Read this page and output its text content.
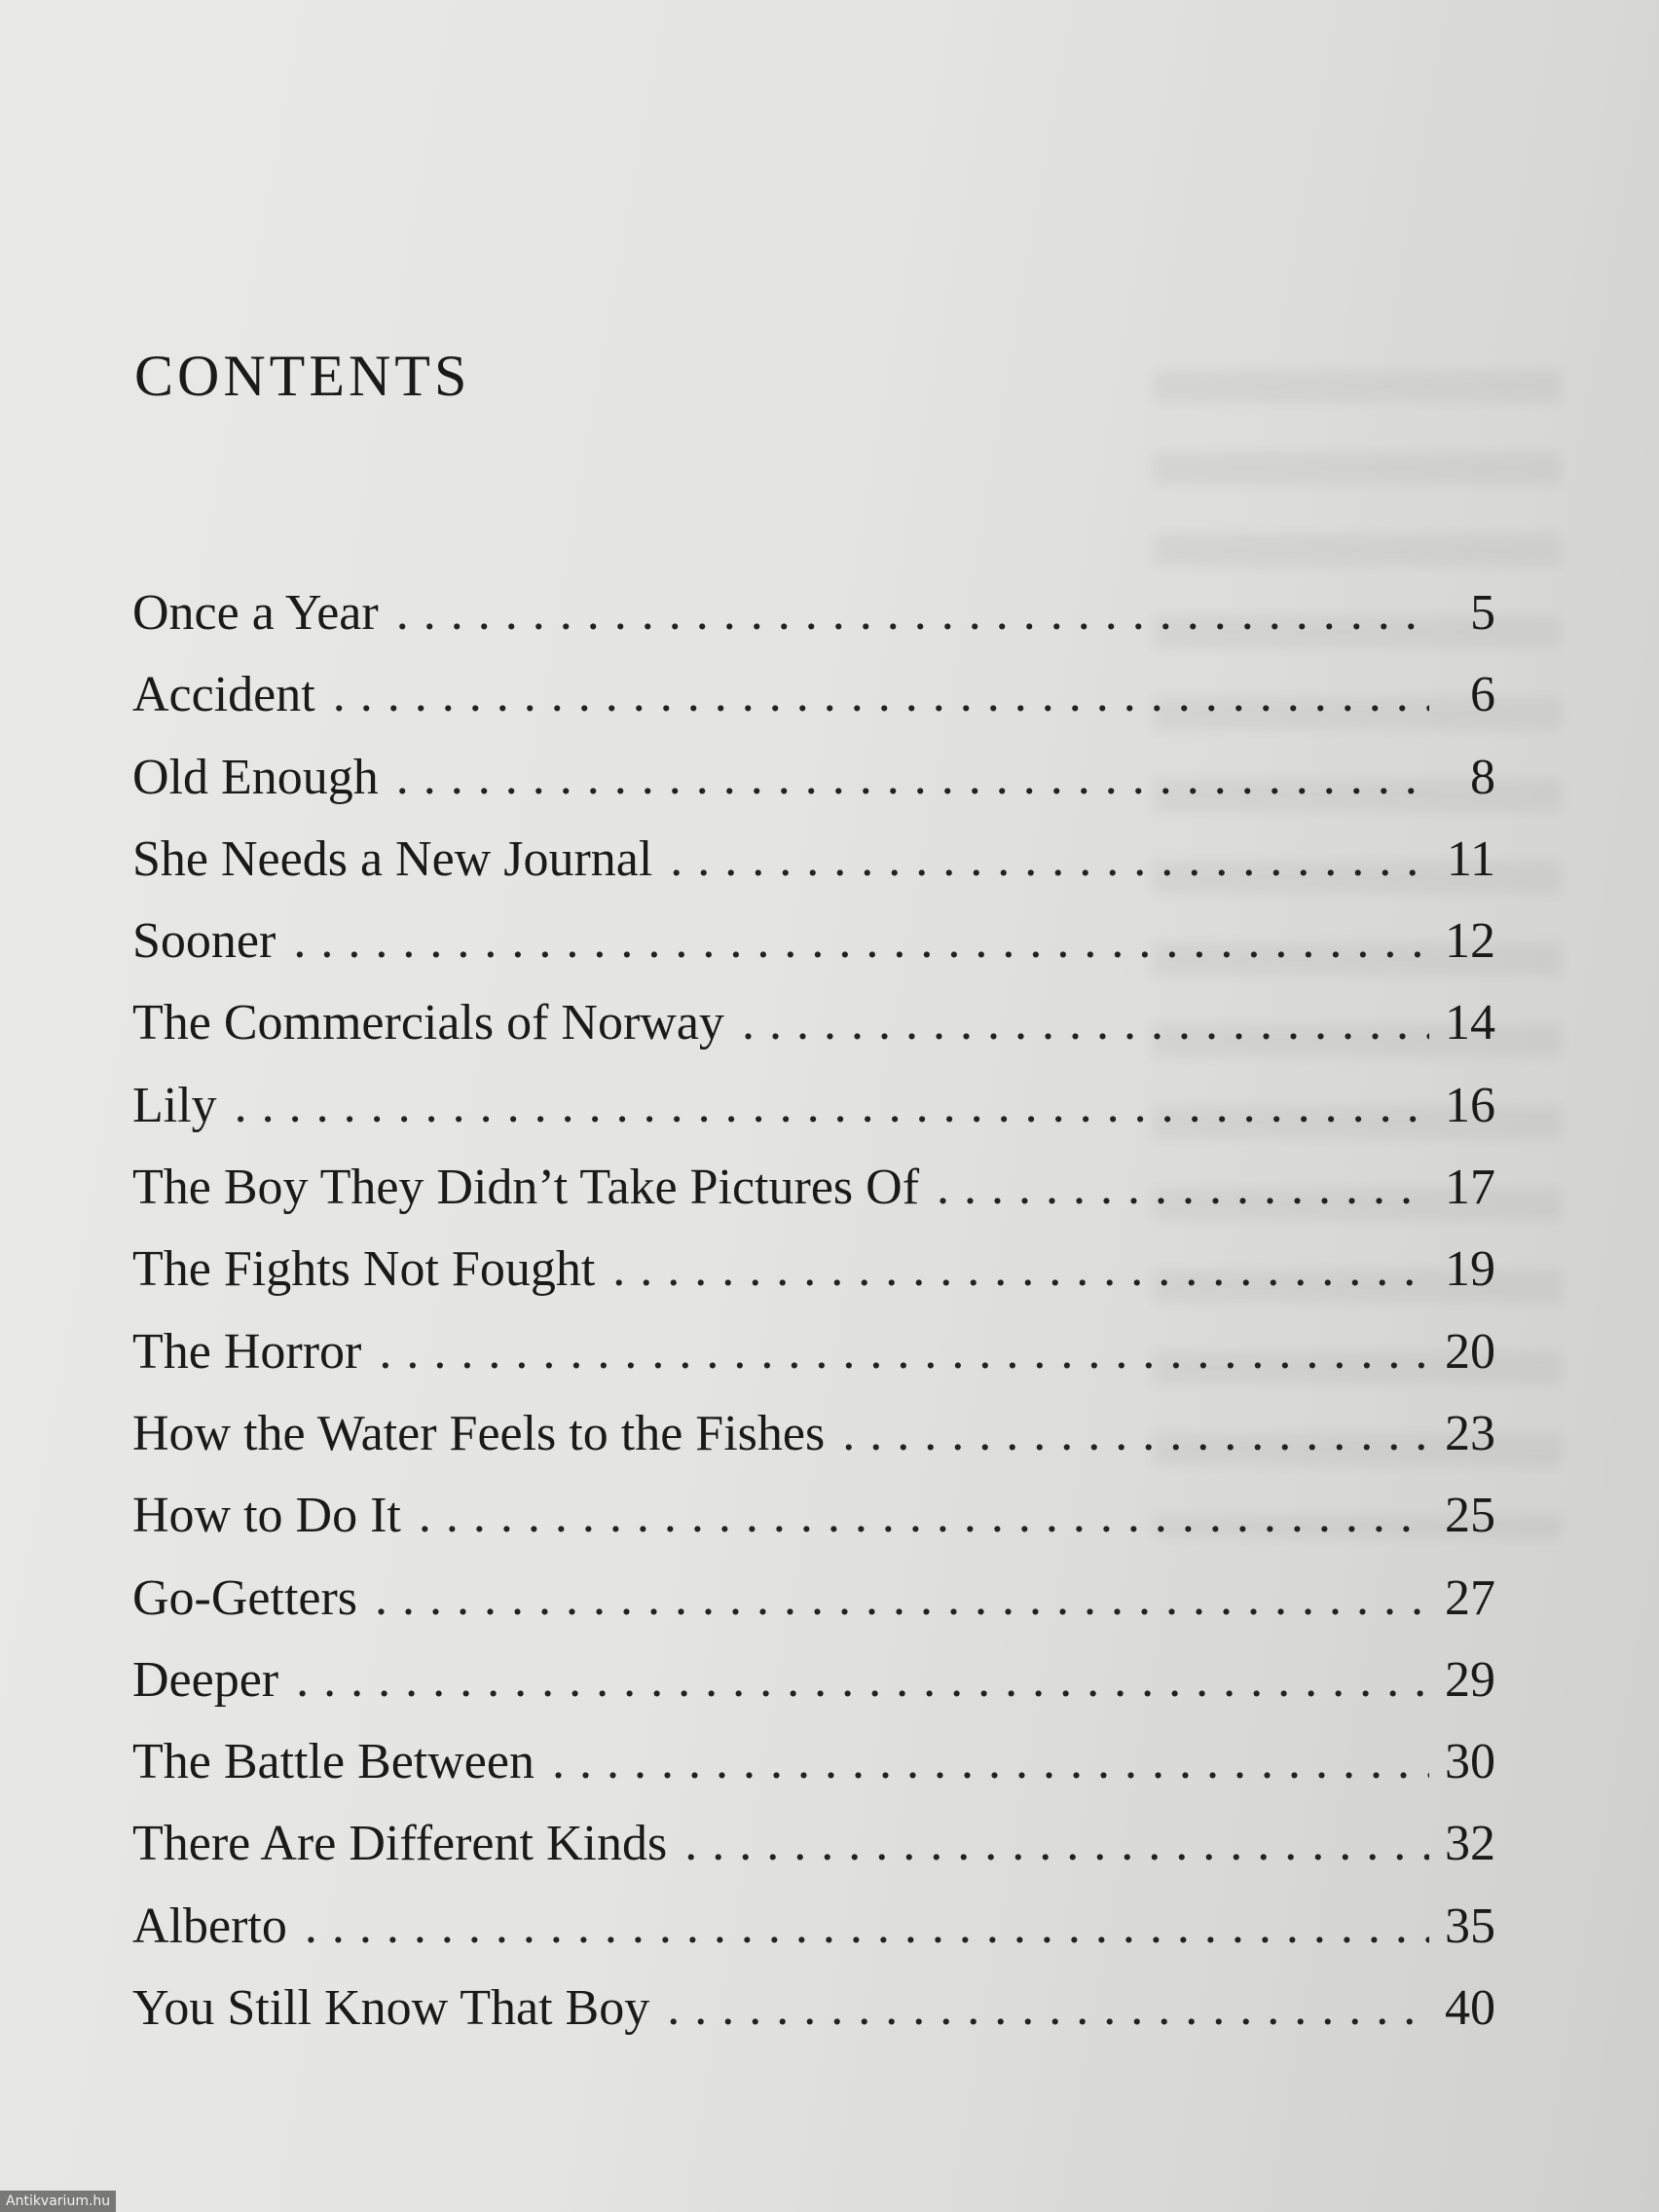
CONTENTS
Once a Year . . .	5
Accident . . .	6
Old Enough . . .	8
She Needs a New Journal . . .	11
Sooner . . .	12
The Commercials of Norway . . .	14
Lily . . .	16
The Boy They Didn’t Take Pictures Of . . .	17
The Fights Not Fought . . .	19
The Horror . . .	20
How the Water Feels to the Fishes . . .	23
How to Do It . . .	25
Go-Getters . . .	27
Deeper . . .	29
The Battle Between . . .	30
There Are Different Kinds . . .	32
Alberto . . .	35
You Still Know That Boy . . .	40
Antikvarium.hu
